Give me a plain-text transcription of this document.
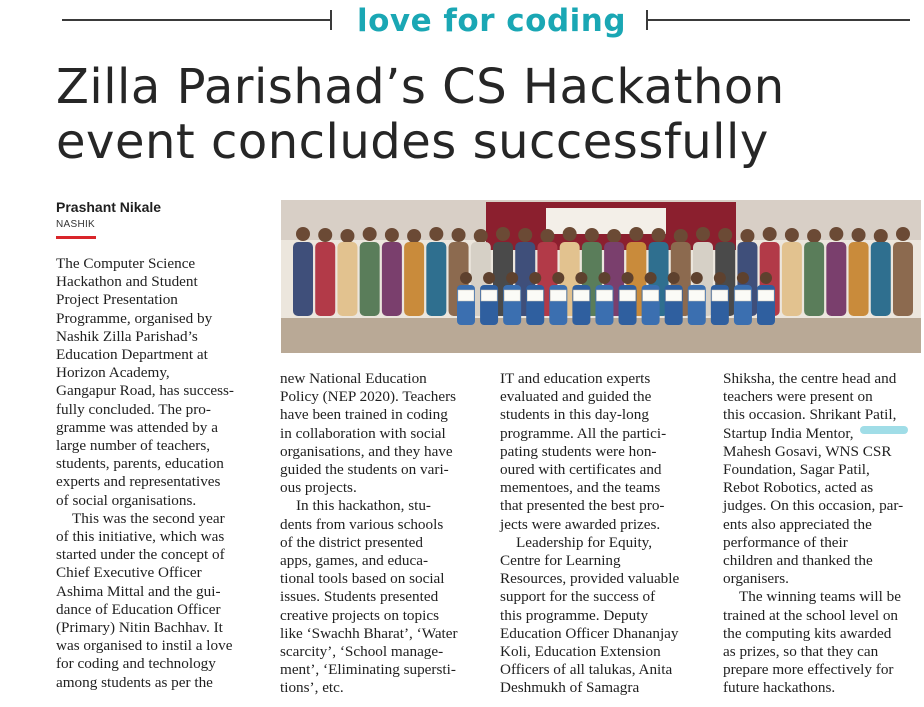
love for coding
Zilla Parishad’s CS Hackathon
event concludes successfully
Prashant Nikale
NASHIK
The Computer Science
Hackathon and Student
Project Presentation
Programme, organised by
Nashik Zilla Parishad’s
Education Department at
Horizon Academy,
Gangapur Road, has success-
fully concluded. The pro-
gramme was attended by a
large number of teachers,
students, parents, education
experts and representatives
of social organisations.
This was the second year
of this initiative, which was
started under the concept of
Chief Executive Officer
Ashima Mittal and the gui-
dance of Education Officer
(Primary) Nitin Bachhav. It
was organised to instil a love
for coding and technology
among students as per the
new National Education
Policy (NEP 2020). Teachers
have been trained in coding
in collaboration with social
organisations, and they have
guided the students on vari-
ous projects.
In this hackathon, stu-
dents from various schools
of the district presented
apps, games, and educa-
tional tools based on social
issues. Students presented
creative projects on topics
like ‘Swachh Bharat’, ‘Water
scarcity’, ‘School manage-
ment’, ‘Eliminating supersti-
tions’, etc.
IT and education experts
evaluated and guided the
students in this day-long
programme. All the partici-
pating students were hon-
oured with certificates and
mementoes, and the teams
that presented the best pro-
jects were awarded prizes.
Leadership for Equity,
Centre for Learning
Resources, provided valuable
support for the success of
this programme. Deputy
Education Officer Dhananjay
Koli, Education Extension
Officers of all talukas, Anita
Deshmukh of Samagra
Shiksha, the centre head and
teachers were present on
this occasion. Shrikant Patil,
Startup India Mentor,
Mahesh Gosavi, WNS CSR
Foundation, Sagar Patil,
Rebot Robotics, acted as
judges. On this occasion, par-
ents also appreciated the
performance of their
children and thanked the
organisers.
The winning teams will be
trained at the school level on
the computing kits awarded
as prizes, so that they can
prepare more effectively for
future hackathons.
